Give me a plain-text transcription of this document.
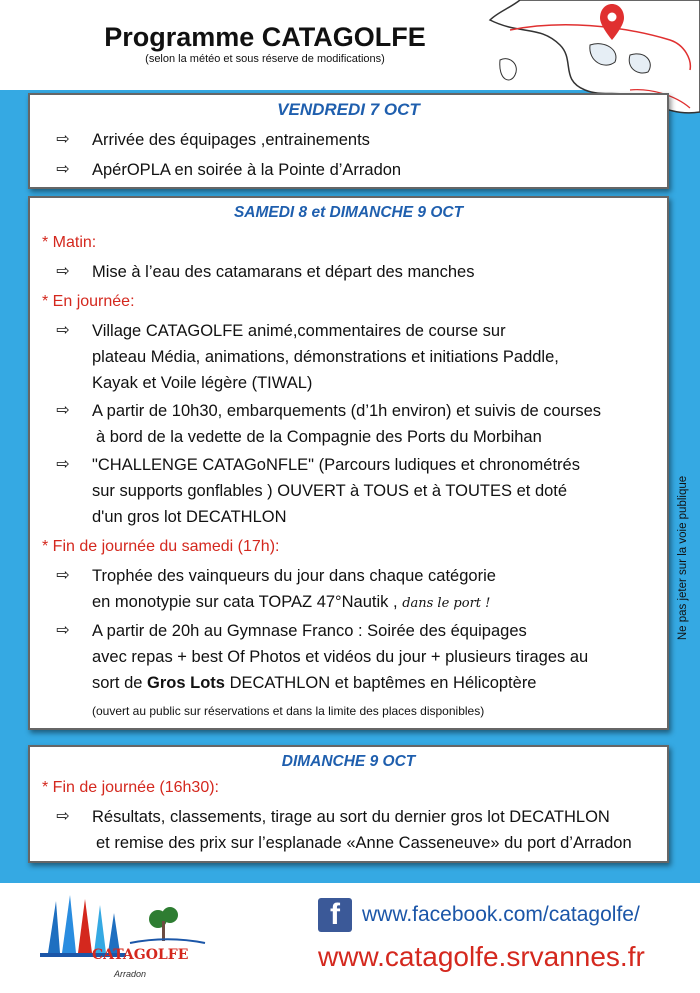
Programme CATAGOLFE
(selon la météo et sous réserve de modifications)
VENDREDI 7 OCT
⇨ Arrivée des équipages ,entrainements
⇨ ApérOPLA en soirée à la Pointe d’Arradon
SAMEDI 8 et DIMANCHE 9 OCT
* Matin:
⇨ Mise à l’eau des catamarans et départ des manches
* En journée:
⇨ Village CATAGOLFE animé,commentaires de course sur
plateau Média, animations, démonstrations et initiations Paddle,
Kayak et Voile légère (TIWAL)
⇨ A partir de 10h30, embarquements (d’1h environ) et suivis de courses
à bord de la vedette de la Compagnie des Ports du Morbihan
⇨ "CHALLENGE CATAGoNFLE" (Parcours ludiques et chronométrés
sur supports gonflables ) OUVERT à TOUS et à TOUTES et doté
d'un gros lot DECATHLON
* Fin de journée du samedi (17h):
⇨ Trophée des vainqueurs du jour dans chaque catégorie
en monotypie sur cata TOPAZ 47°Nautik , dans le port !
⇨ A partir de 20h au Gymnase Franco : Soirée des équipages
avec repas + best Of Photos et vidéos du jour + plusieurs tirages au
sort de Gros Lots DECATHLON et baptêmes en Hélicoptère
(ouvert au public sur réservations et dans la limite des places disponibles)
DIMANCHE 9 OCT
* Fin de journée (16h30):
⇨ Résultats, classements, tirage au sort du dernier gros lot DECATHLON
et remise des prix sur l’esplanade «Anne Casseneuve» du port d’Arradon
Ne pas jeter sur la voie publique
CATAGOLFE
Arradon
f	www.facebook.com/catagolfe/
www.catagolfe.srvannes.fr
